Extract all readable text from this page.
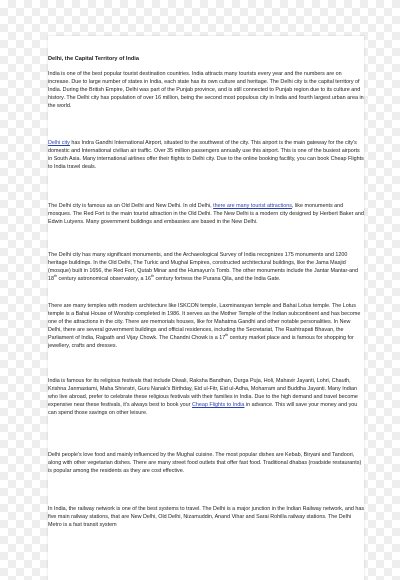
Delhi, the Capital Territory of India

India is one of the best popular tourist destination countries. India attracts many tourists every year and the numbers are on increase. Due to large number of states in India, each state has its own culture and heritage. The Delhi city is the capital territory of India. During the British Empire, Delhi was part of the Punjab province, and is still connected to Punjab region due to its culture and history. The Delhi city has population of over 16 million, being the second most populous city in India and fourth largest urban area in the world.

Delhi city has Indra Gandhi International Airport, situated to the southwest of the city. This airport is the main gateway for the city's domestic and International civilian air traffic. Over 35 million passengers annually use this airport. This is one of the busiest airports in South Asia. Many international airlines offer their flights to Delhi city. Due to the online booking facility, you can book Cheap Flights to India travel deals.

The Delhi city is famous as an Old Delhi and New Delhi. In old Delhi, there are many tourist attractions, like monuments and mosques. The Red Fort is the main tourist attraction in the Old Delhi. The New Delhi is a modern city designed by Herbert Baker and Edwin Lutyens. Many government buildings and embassies are based in the New Delhi.

The Delhi city has many significant monuments, and the Archaeological Survey of India recognizes 175 monuments and 1200 heritage buildings. In the Old Delhi, The Turkic and Mughal Empires, constructed architectural buildings, like the Jama Masjid (mosque) built in 1656, the Red Fort, Qutab Minar and the Humayun's Tomb. The other monuments include the Jantar Mantar-and 18th century astronomical observatory, a 16th century fortress the Purana Qila, and the India Gate.

There are many temples with modern architecture like ISKCON temple, Laxminarayan temple and Bahai Lotus temple. The Lotus temple is a Bahai House of Worship completed in 1986. It serves as the Mother Temple of the Indian subcontinent and has become one of the attractions in the city. There are memorials houses, like for Mahatma Gandhi and other notable personalities. In New Delhi, there are several government buildings and official residences, including the Secretariat, The Rashtrapati Bhavan, the Parliament of India, Rajpath and Vijay Chowk. The Chandni Chowk is a 17th century market place and is famous for shopping for jewellery, crafts and dresses.

India is famous for its religious festivals that include Diwali, Raksha Bandhan, Durga Puja, Holi, Mahavir Jayanti, Lohri, Chauth, Krishna Janmastami, Maha Shivratri, Guru Nanak's Birthday, Eid ul-Fitr, Eid ul-Adha, Moharram and Buddha Jayanti. Many Indian who live abroad, prefer to celebrate these religious festivals with their families in India. Due to the high demand and travel become expensive near these festivals, it's always best to book your Cheap Flights to India in advance. This will save your money and you can spend those savings on other leisure.

Delhi people's love food and mainly influenced by the Mughal cuisine. The most popular dishes are Kebab, Biryani and Tandoori, along with other vegetarian dishes. There are many street food outlets that offer fast food. Traditional dhabas (roadside restaurants) is popular among the residents as they are cost effective.

In India, the railway network is one of the best systems to travel. The Delhi is a major junction in the Indian Railway network, and has five main railway stations, that are New Delhi, Old Delhi, Nizamuddin, Anand Vihar and Sarai Rohilla railway stations. The Delhi Metro is a fast transit system
